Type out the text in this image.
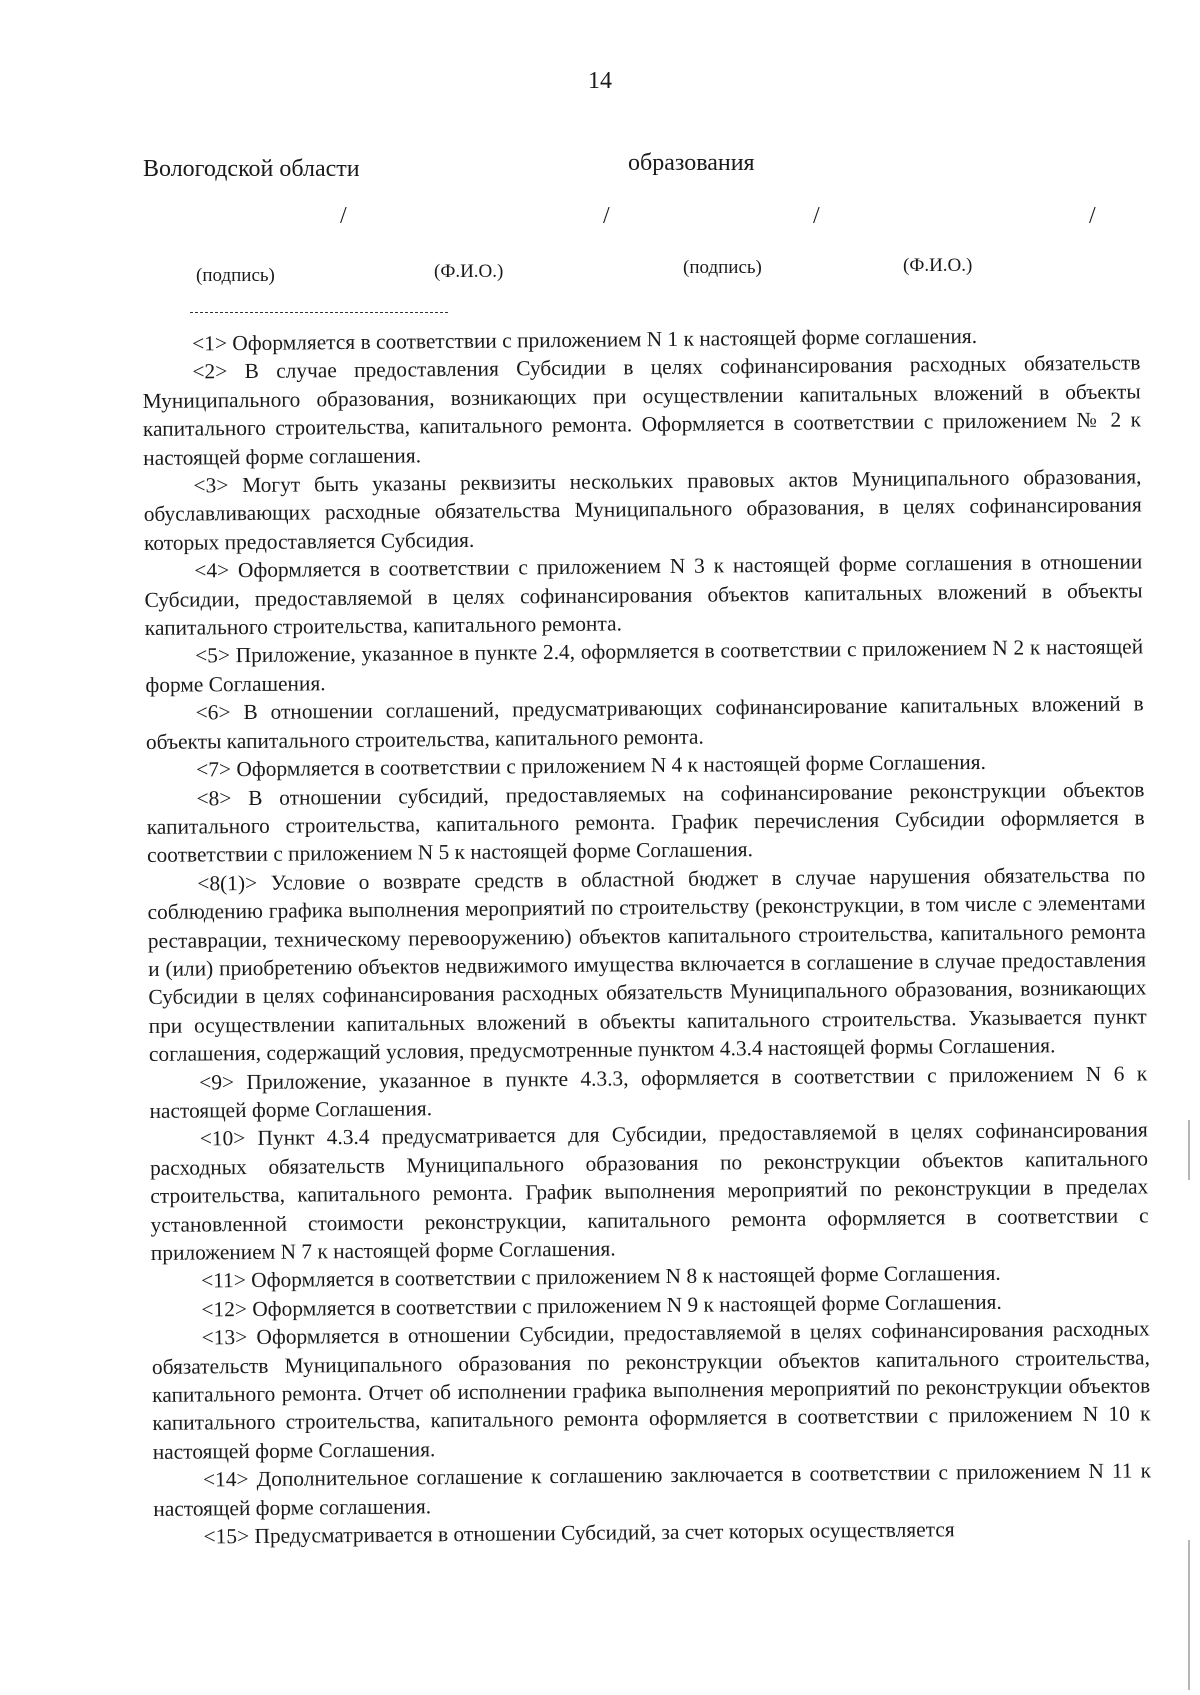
14
Вологодской области	образования
/	/	/	/
(подпись)	(Ф.И.О.)	(подпись)	(Ф.И.О.)

<1> Оформляется в соответствии с приложением N 1 к настоящей форме соглашения.

<2> В случае предоставления Субсидии в целях софинансирования расходных обязательств Муниципального образования, возникающих при осуществлении капитальных вложений в объекты капитального строительства, капитального ремонта. Оформляется в соответствии с приложением № 2 к настоящей форме соглашения.

<3> Могут быть указаны реквизиты нескольких правовых актов Муниципального образования, обуславливающих расходные обязательства Муниципального образования, в целях софинансирования которых предоставляется Субсидия.

<4> Оформляется в соответствии с приложением N 3 к настоящей форме соглашения в отношении Субсидии, предоставляемой в целях софинансирования объектов капитальных вложений в объекты капитального строительства, капитального ремонта.

<5> Приложение, указанное в пункте 2.4, оформляется в соответствии с приложением N 2 к настоящей форме Соглашения.

<6> В отношении соглашений, предусматривающих софинансирование капитальных вложений в объекты капитального строительства, капитального ремонта.

<7> Оформляется в соответствии с приложением N 4 к настоящей форме Соглашения.

<8> В отношении субсидий, предоставляемых на софинансирование реконструкции объектов капитального строительства, капитального ремонта. График перечисления Субсидии оформляется в соответствии с приложением N 5 к настоящей форме Соглашения.

<8(1)> Условие о возврате средств в областной бюджет в случае нарушения обязательства по соблюдению графика выполнения мероприятий по строительству (реконструкции, в том числе с элементами реставрации, техническому перевооружению) объектов капитального строительства, капитального ремонта и (или) приобретению объектов недвижимого имущества включается в соглашение в случае предоставления Субсидии в целях софинансирования расходных обязательств Муниципального образования, возникающих при осуществлении капитальных вложений в объекты капитального строительства. Указывается пункт соглашения, содержащий условия, предусмотренные пунктом 4.3.4 настоящей формы Соглашения.

<9> Приложение, указанное в пункте 4.3.3, оформляется в соответствии с приложением N 6 к настоящей форме Соглашения.

<10> Пункт 4.3.4 предусматривается для Субсидии, предоставляемой в целях софинансирования расходных обязательств Муниципального образования по реконструкции объектов капитального строительства, капитального ремонта. График выполнения мероприятий по реконструкции в пределах установленной стоимости реконструкции, капитального ремонта оформляется в соответствии с приложением N 7 к настоящей форме Соглашения.

<11> Оформляется в соответствии с приложением N 8 к настоящей форме Соглашения.

<12> Оформляется в соответствии с приложением N 9 к настоящей форме Соглашения.

<13> Оформляется в отношении Субсидии, предоставляемой в целях софинансирования расходных обязательств Муниципального образования по реконструкции объектов капитального строительства, капитального ремонта. Отчет об исполнении графика выполнения мероприятий по реконструкции объектов капитального строительства, капитального ремонта оформляется в соответствии с приложением N 10 к настоящей форме Соглашения.

<14> Дополнительное соглашение к соглашению заключается в соответствии с приложением N 11 к настоящей форме соглашения.

<15> Предусматривается в отношении Субсидий, за счет которых осуществляется
